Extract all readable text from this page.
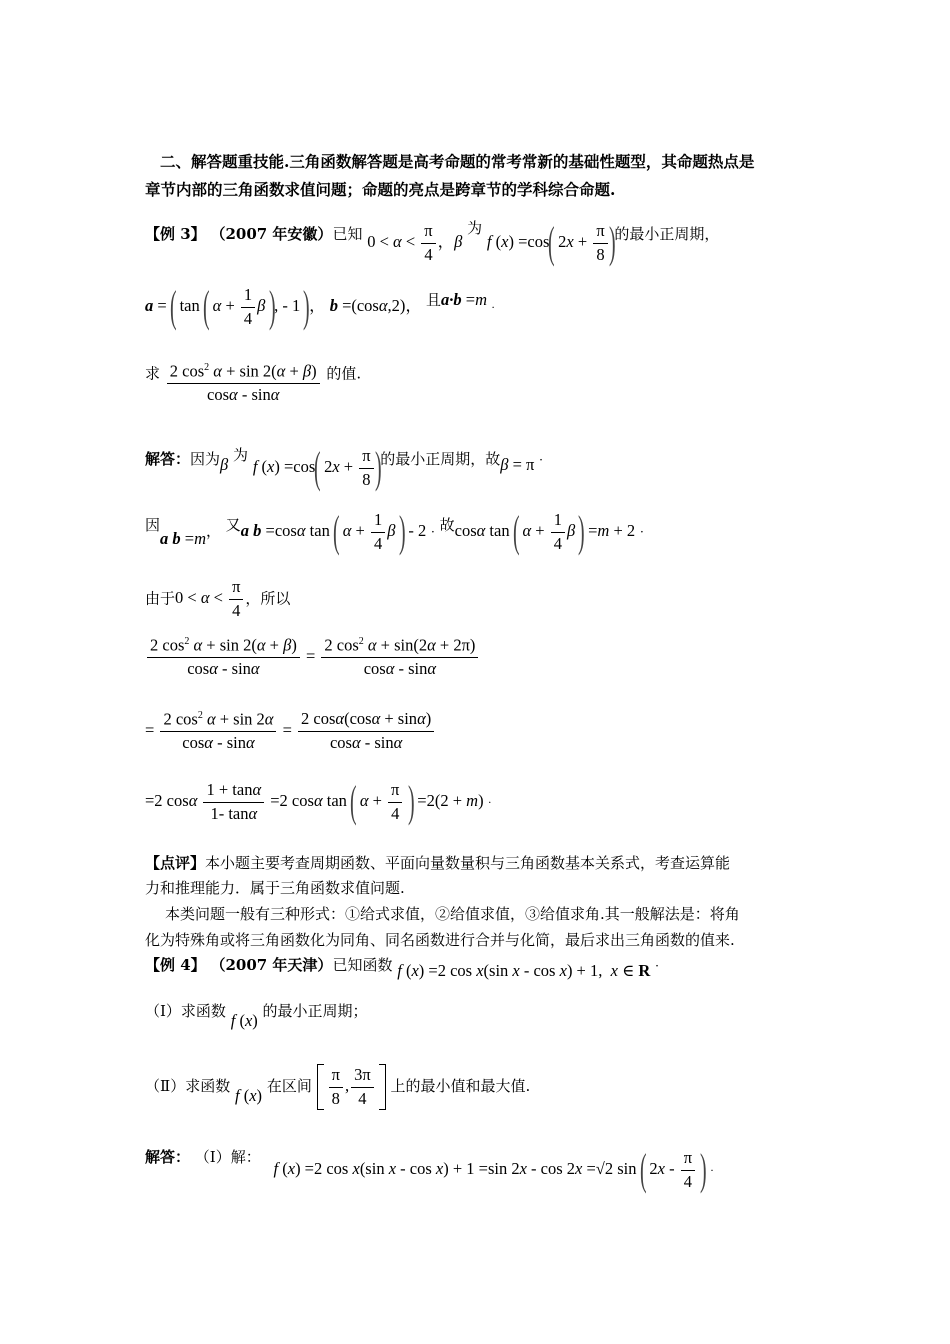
二、解答题重技能.三角函数解答题是高考命题的常考常新的基础性题型，其命题热点是
章节内部的三角函数求值问题；命题的亮点是跨章节的学科综合命题.
【例 3】 （2007 年安徽）已知 $0 < \alpha < \frac{\pi}{4}$ ，β 为 f (x) =cos( $2x + \frac{\pi}{8}$ )的最小正周期，
a = ( tan ( $\alpha + \frac{1}{4}$ β ), - 1 )， b =(cosα,2)， 且a·b =m ·
求 $\frac{2 \cos^2 \alpha + \sin 2(\alpha + \beta)}{\cos\alpha - \sin\alpha}$ 的值.
解答：因为β 为 f (x) =cos( $2x + \frac{\pi}{8}$ )的最小正周期，故β = π ·
因a b =m， 又a b =cosα tan ( $\alpha + \frac{1}{4}$ β ) - 2 · 故cosα tan ( $\alpha + \frac{1}{4}$ β ) =m + 2 ·
由于$0 < \alpha < \frac{\pi}{4}$ ，所以
$\frac{2 \cos^2 \alpha + \sin 2(\alpha + \beta)}{\cos\alpha - \sin\alpha} = \frac{2 \cos^2 \alpha + \sin(2\alpha + 2\pi)}{\cos\alpha - \sin\alpha}$
= $\frac{2 \cos^2 \alpha + \sin 2\alpha}{\cos\alpha - \sin\alpha} = \frac{2 \cos\alpha(\cos\alpha + \sin\alpha)}{\cos\alpha - \sin\alpha}$
=2 cosα $\frac{1 + \tan\alpha}{1- \tan\alpha} =2$ cosα tan ( $\alpha + \frac{\pi}{4}$ ) =2(2 + m) ·
【点评】本小题主要考查周期函数、平面向量数量积与三角函数基本关系式，考查运算能
力和推理能力．属于三角函数求值问题.
本类问题一般有三种形式：①给式求值，②给值求值，③给值求角.其一般解法是：将角
化为特殊角或将三角函数化为同角、同名函数进行合并与化简，最后求出三角函数的值来.
【例 4】 （2007 年天津）已知函数 f (x) =2 cos x(sin x - cos x) + 1,  x ∈ R ·
（Ⅰ）求函数 f (x) 的最小正周期；
（Ⅱ）求函数 f (x) 在区间 $\frac{\pi}{8}$ , $\frac{3\pi}{4}$ 上的最小值和最大值.
解答： （Ⅰ）解： f (x) =2 cos x(sin x - cos x) + 1 =sin 2x - cos 2x =√2 sin ( $2x - \frac{\pi}{4}$ ) ·
